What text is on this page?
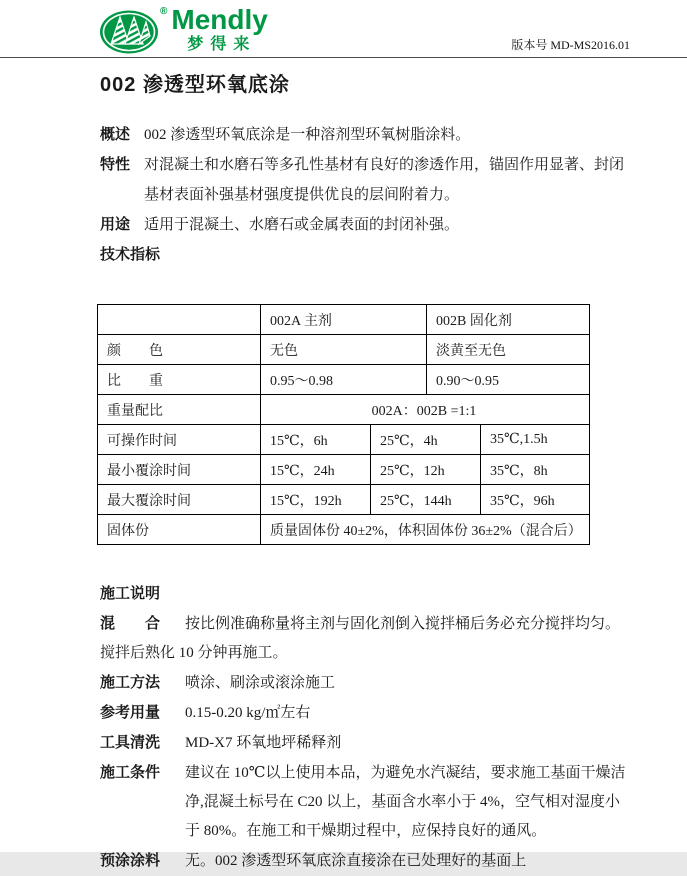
® Mendly
梦得来	版本号 MD-MS2016.01
002 渗透型环氧底涂
概述 002 渗透型环氧底涂是一种溶剂型环氧树脂涂料。
特性 对混凝土和水磨石等多孔性基材有良好的渗透作用，锚固作用显著、封闭基材表面补强基材强度提供优良的层间附着力。
用途 适用于混凝土、水磨石或金属表面的封闭补强。
技术指标
	002A 主剂		002B 固化剂	
颜　　色	无色		淡黄至无色	
比　　重	0.95～0.98		0.90～0.95	
重量配比	002A：002B =1:1			
可操作时间	15℃，6h	25℃，4h		35℃,1.5h
最小覆涂时间	15℃，24h	25℃，12h		35℃，8h
最大覆涂时间	15℃，192h	25℃，144h		35℃，96h
固体份	质量固体份 40±2%，体积固体份 36±2%（混合后）			
施工说明
混　　合 按比例准确称量将主剂与固化剂倒入搅拌桶后务必充分搅拌均匀。
搅拌后熟化 10 分钟再施工。
施工方法 喷涂、刷涂或滚涂施工
参考用量 0.15-0.20 kg/㎡左右
工具清洗 MD-X7 环氧地坪稀释剂
施工条件 建议在 10℃以上使用本品，为避免水汽凝结，要求施工基面干燥洁净,混凝土标号在 C20 以上，基面含水率小于 4%，空气相对湿度小于 80%。在施工和干燥期过程中，应保持良好的通风。
预涂涂料 无。002 渗透型环氧底涂直接涂在已处理好的基面上
